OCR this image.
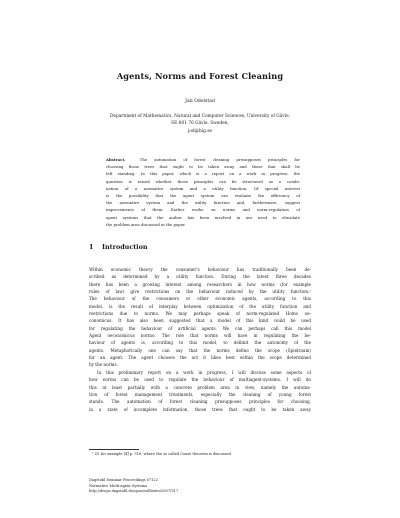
Agents, Norms and Forest Cleaning
Jan Odelstad
Department of Mathematics, Natural and Computer Sciences, University of Gävle,
SE-801 76 Gävle, Sweden,
jod@hig.se
Abstract.	The automation of forest cleaning presupposes principles for
choosing those trees that ought to be taken away and those that shall be
left standing. In this paper, which is a report on a work in progress, the
question is raised whether those principles can be structured as a combi-
nation of a normative system and a utility function. Of special interest
is the possibility that the agent system can evaluate the efficiency of
the normative system and the utility function and, furthermore, suggest
improvements of them. Earlier works on norms and norm-regulation of
agent systems that the author has been involved in are used to elucidate
the problem area discussed in the paper.
1 Introduction
Within economic theory the consumer's behaviour has traditionally been de-
scribed as determined by a utility function. During the latest three decades
there has been a growing interest among researchers in how norms (for example
rules of law) give restrictions on the behaviour induced by the utility function.¹
The behaviour of the consumers or other economic agents, according to this
model, is the result of interplay between optimization of the utility function and
restrictions due to norms. We may perhaps speak of norm-regulated Homo oe-
conomicus. It has also been suggested that a model of this kind could be used
for regulating the behaviour of artificial agents. We can perhaps call this model
Agent oeconomicus normo. The role that norms will have in regulating the be-
haviour of agents is, according to this model, to delimit the autonomy of the
agents. Metaphorically one can say that the norms define the scope (Spielraum)
for an agent. The agent chooses the act it likes best within the scope determined
by the norms.
In this preliminary report on a work in progress, I will discuss some aspects of
how norms can be used to regulate the behaviour of multiagent-systems. I will do
this at least partially with a concrete problem area in view, namely the automa-
tion of forest management treatments, especially the cleaning of young forest
stands. The automation of forest cleaning presupposes principles for choosing,
in a state of incomplete information, those trees that ought to be taken away
¹ Cf. for example [4] p. 518, where the so called Coase theorem is discussed.
Dagstuhl Seminar Proceedings 07122
Normative Multi-agent Systems
http://drops.dagstuhl.de/opus/volltexte/2007/917
